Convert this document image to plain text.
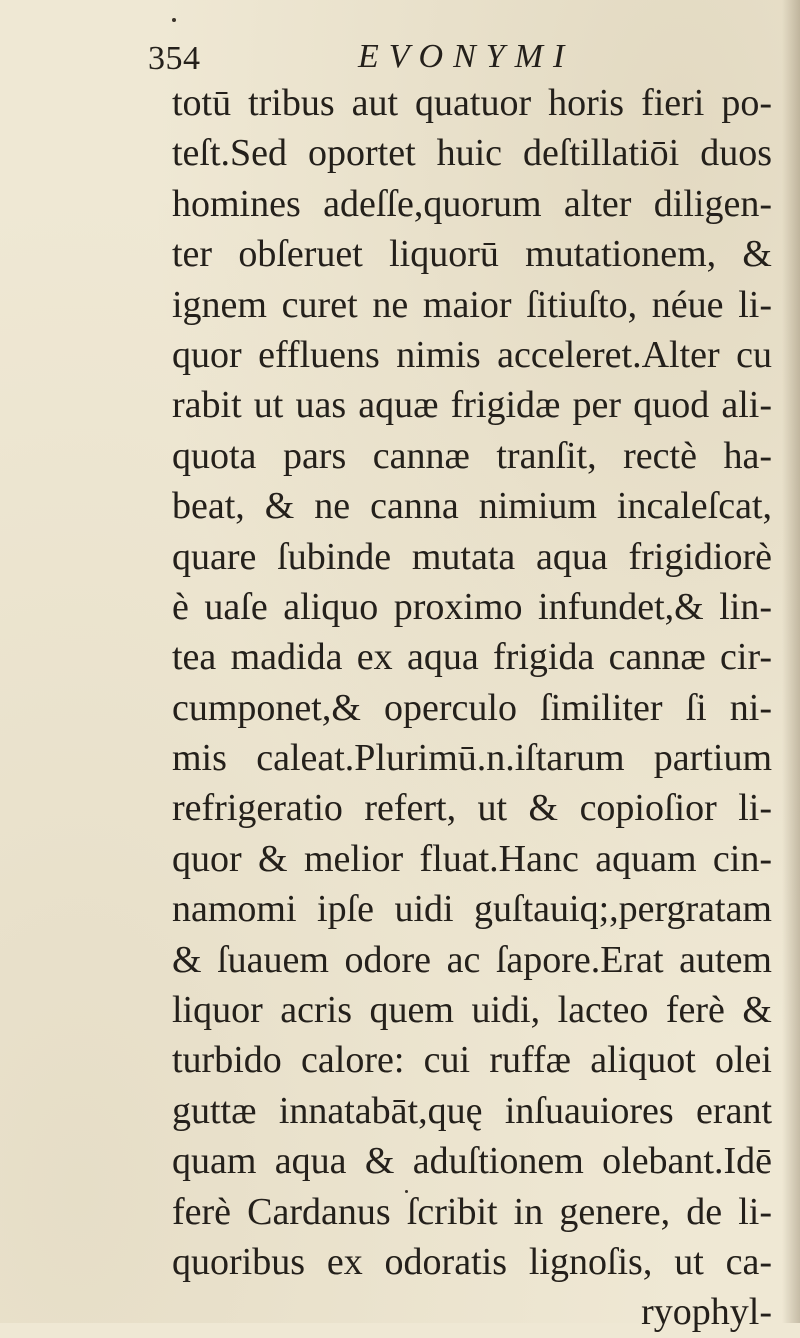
354	EVONYMI
totū tribus aut quatuor horis fieri po-
teſt.Sed oportet huic deſtillatiōi duos
homines adeſſe,quorum alter diligen-
ter obſeruet liquorū mutationem, &
ignem curet ne maior ſitiuſto, néue li-
quor effluens nimis acceleret.Alter cu
rabit ut uas aquæ frigidæ per quod ali-
quota pars cannæ tranſit, rectè ha-
beat, & ne canna nimium incaleſcat,
quare ſubinde mutata aqua frigidiorè
è uaſe aliquo proximo infundet,& lin-
tea madida ex aqua frigida cannæ cir-
cumponet,& operculo ſimiliter ſi ni-
mis caleat.Plurimū.n.iſtarum partium
refrigeratio refert, ut & copioſior li-
quor & melior fluat.Hanc aquam cin-
namomi ipſe uidi guſtauiq;,pergratam
& ſuauem odore ac ſapore.Erat autem
liquor acris quem uidi, lacteo ferè &
turbido calore: cui ruffæ aliquot olei
guttæ innatabāt,quę inſuauiores erant
quam aqua & aduſtionem olebant.Idē
ferè Cardanus ſcribit in genere, de li-
quoribus ex odoratis lignoſis, ut ca-
ryophyl-
